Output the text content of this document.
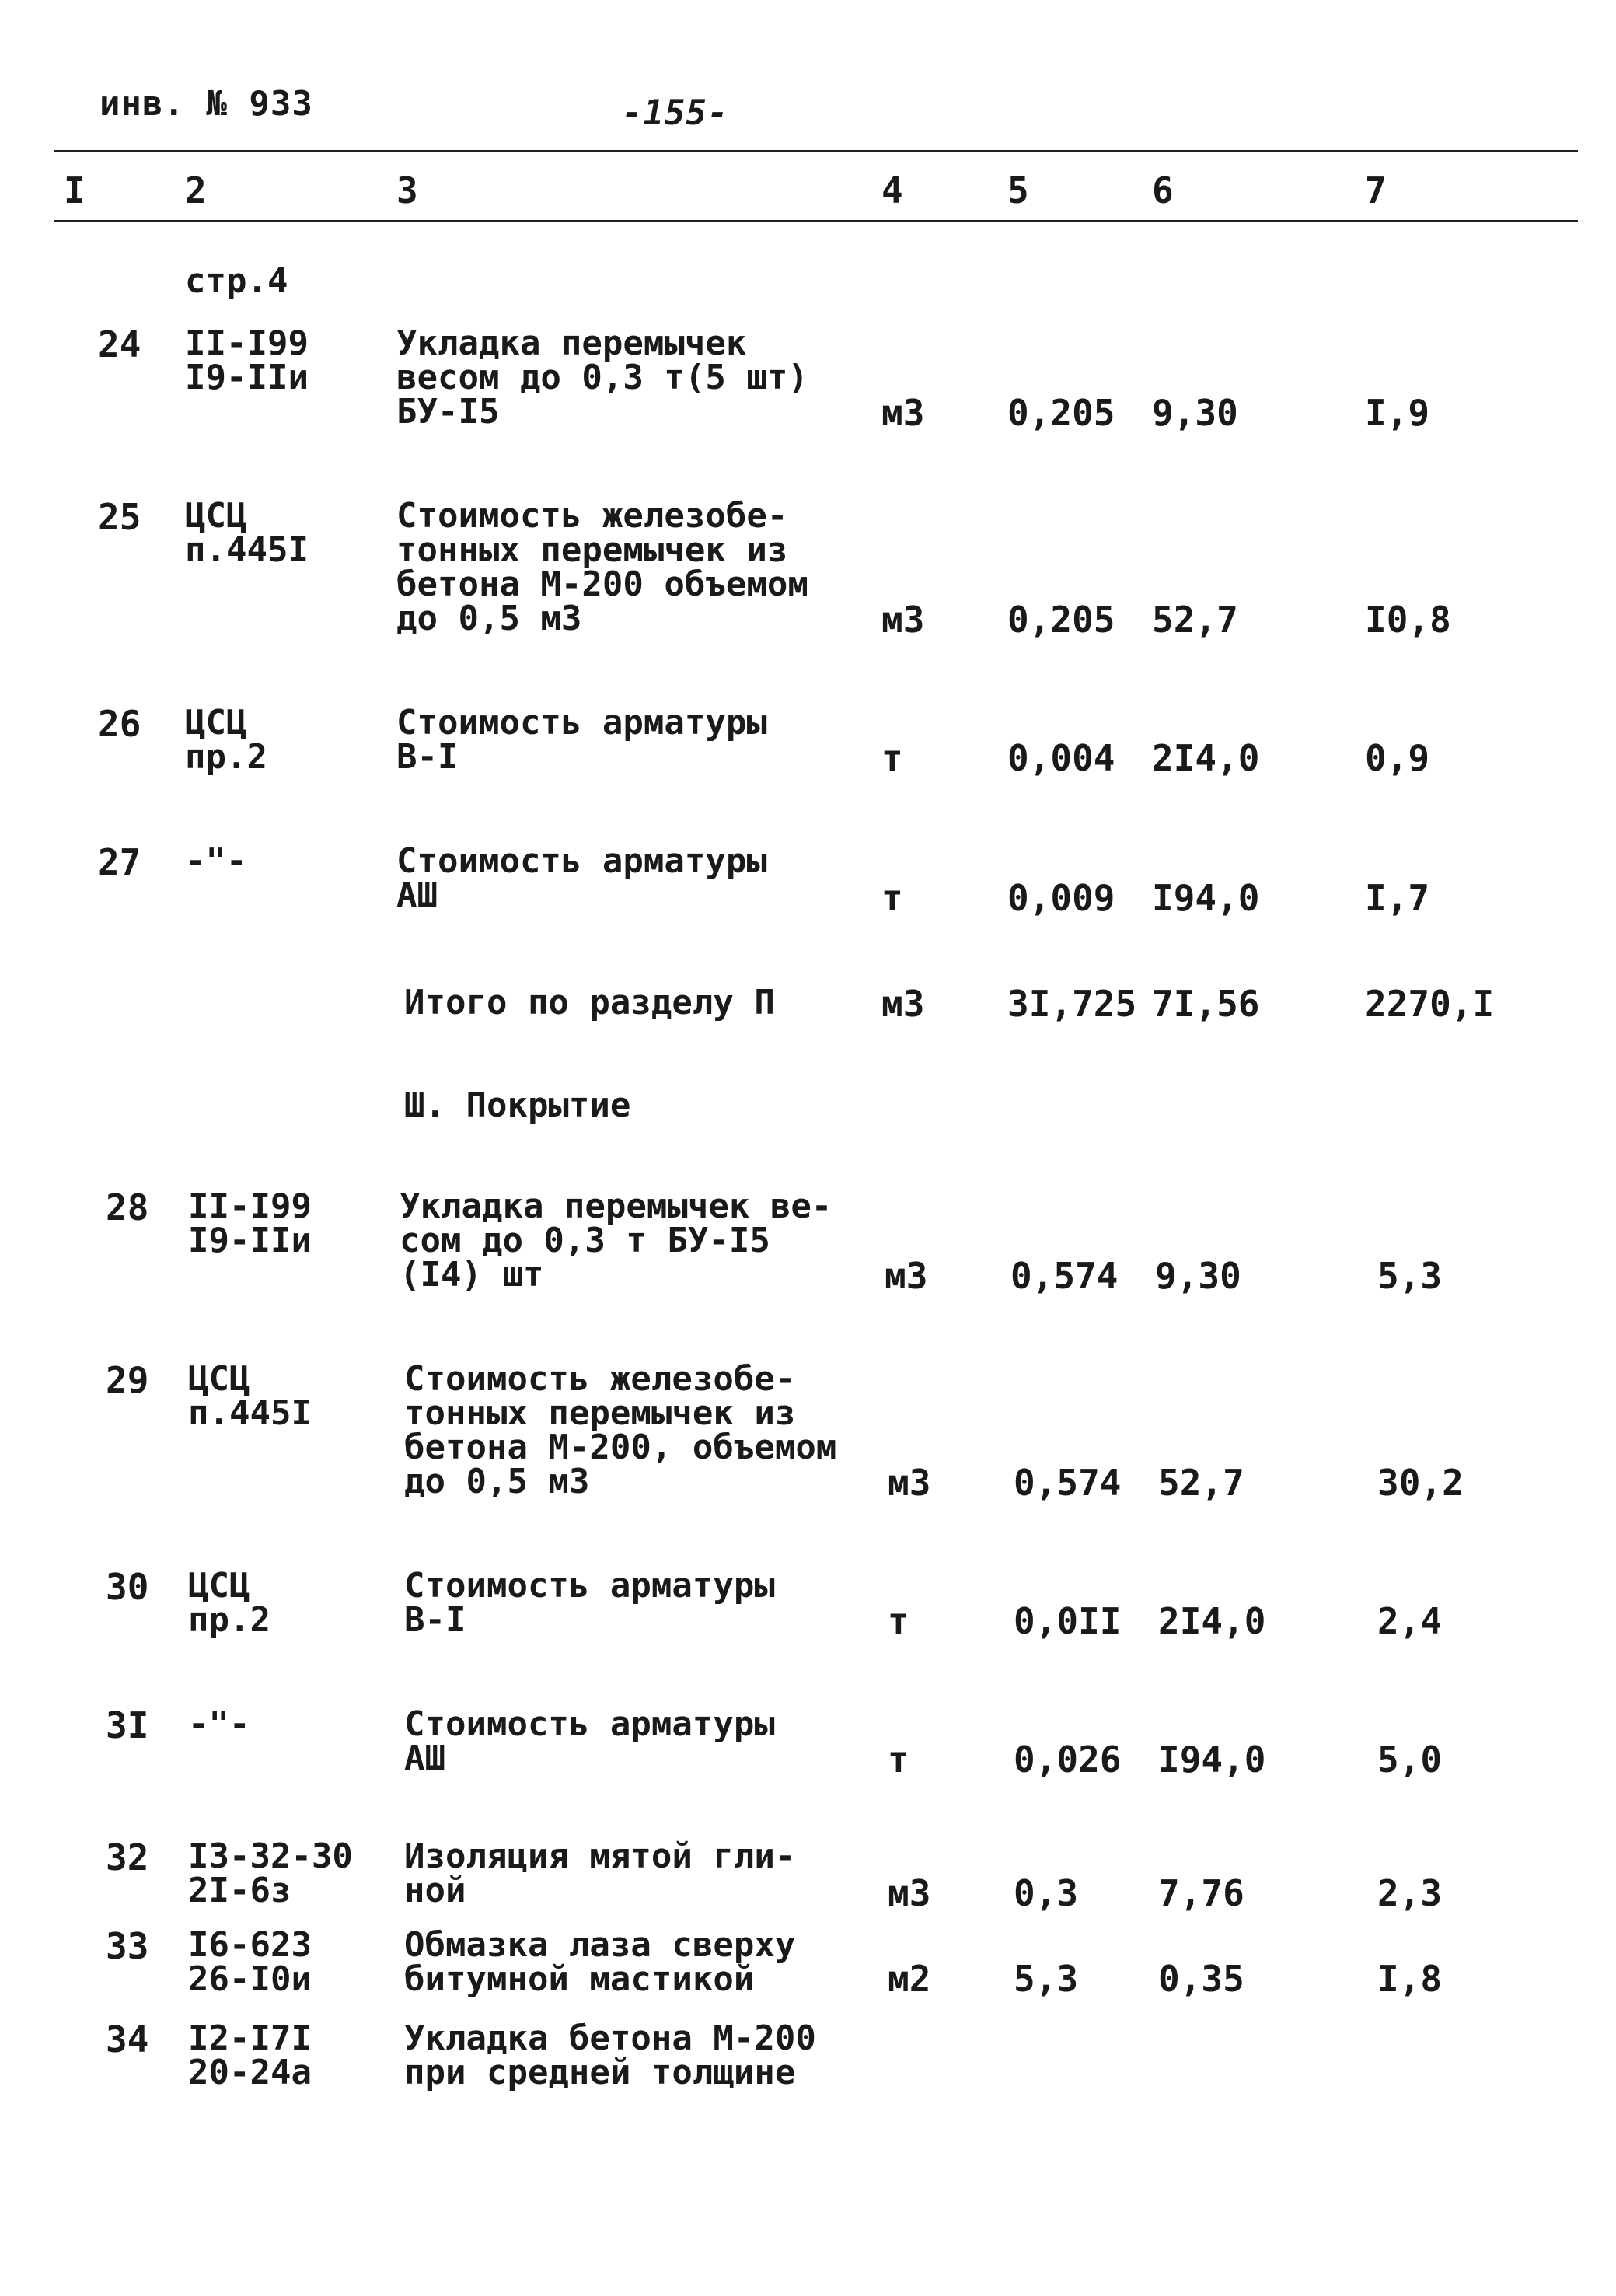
инв. № 933	-155-
I	2	3	4	5	6	7
стр.4
24 II-I99
I9-IIи
Укладка перемычек
весом до 0,3 т(5 шт)
БУ-I5	м3 0,205 9,30	I,9
25 ЦСЦ
п.445I
Стоимость железобе-
тонных перемычек из
бетона М-200 объемом
до 0,5 м3	м3 0,205 52,7	I0,8
26 ЦСЦ
пр.2
Стоимость арматуры
В-I	т	0,004 2I4,0	0,9
27 -"-	Стоимость арматуры
АШ	т	0,009 I94,0	I,7
Итого по разделу П	м3 3I,725 7I,56	2270,I
Ш. Покрытие
28 II-I99
I9-IIи
Укладка перемычек ве-
сом до 0,3 т БУ-I5
(I4) шт	м3 0,574 9,30	5,3
29 ЦСЦ
п.445I
Стоимость железобе-
тонных перемычек из
бетона М-200, объемом
до 0,5 м3	м3 0,574 52,7	30,2
30 ЦСЦ
пр.2
Стоимость арматуры
В-I	т	0,0II 2I4,0	2,4
3I -"-	Стоимость арматуры
АШ	т	0,026 I94,0	5,0
32 I3-32-30
2I-6з
Изоляция мятой гли-
ной	м3 0,3 7,76	2,3
33 I6-623
26-I0и
Обмазка лаза сверху
битумной мастикой	м2 5,3 0,35	I,8
34 I2-I7I
20-24а
Укладка бетона М-200
при средней толщине
